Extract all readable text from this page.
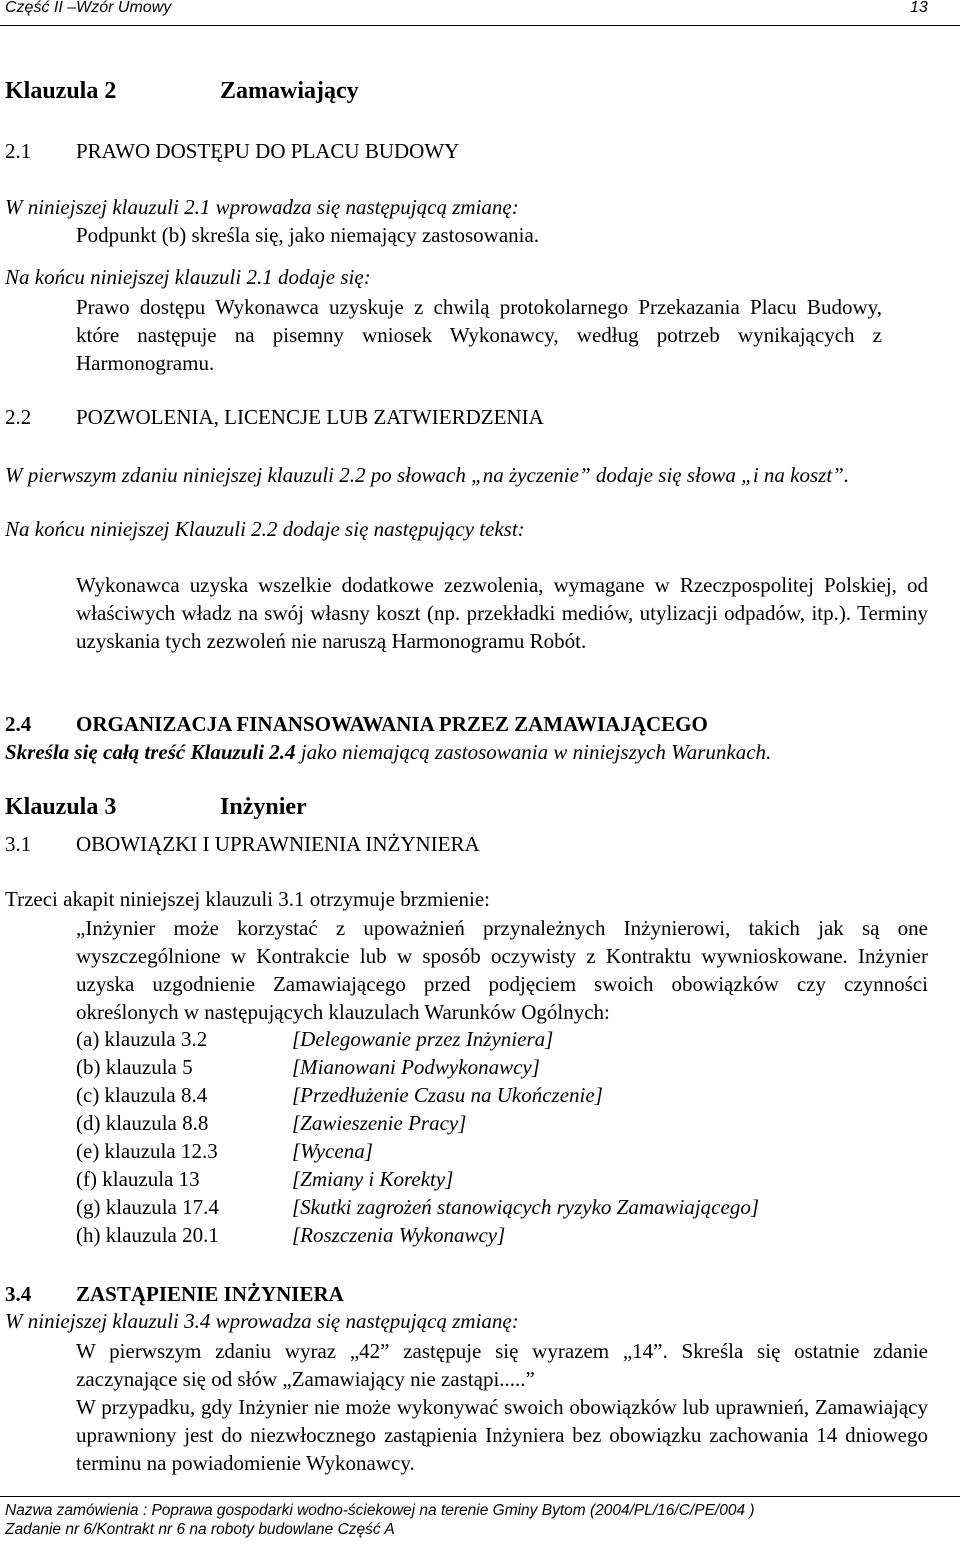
Część II –Wzór Umowy	13
Klauzula 2	Zamawiający
2.1 PRAWO DOSTĘPU DO PLACU BUDOWY
W niniejszej klauzuli 2.1 wprowadza się następującą zmianę:
Podpunkt (b) skreśla się, jako niemający zastosowania.
Na końcu niniejszej klauzuli 2.1 dodaje się:
Prawo dostępu Wykonawca uzyskuje z chwilą protokolarnego Przekazania Placu Budowy, które następuje na pisemny wniosek Wykonawcy, według potrzeb wynikających z Harmonogramu.
2.2 POZWOLENIA, LICENCJE LUB ZATWIERDZENIA
W pierwszym zdaniu niniejszej klauzuli 2.2 po słowach „na życzenie” dodaje się słowa „i na koszt”.
Na końcu niniejszej Klauzuli 2.2 dodaje się następujący tekst:
Wykonawca uzyska wszelkie dodatkowe zezwolenia, wymagane w Rzeczpospolitej Polskiej, od właściwych władz na swój własny koszt (np. przekładki mediów, utylizacji odpadów, itp.). Terminy uzyskania tych zezwoleń nie naruszą Harmonogramu Robót.
2.4 ORGANIZACJA FINANSOWAWANIA PRZEZ ZAMAWIAJĄCEGO
Skreśla się całą treść Klauzuli 2.4 jako niemającą zastosowania w niniejszych Warunkach.
Klauzula 3	Inżynier
3.1 OBOWIĄZKI I UPRAWNIENIA INŻYNIERA
Trzeci akapit niniejszej klauzuli 3.1 otrzymuje brzmienie:
„Inżynier może korzystać z upoważnień przynależnych Inżynierowi, takich jak są one wyszczególnione w Kontrakcie lub w sposób oczywisty z Kontraktu wywnioskowane. Inżynier uzyska uzgodnienie Zamawiającego przed podjęciem swoich obowiązków czy czynności określonych w następujących klauzulach Warunków Ogólnych:
(a) klauzula 3.2	[Delegowanie przez Inżyniera]
(b) klauzula 5	[Mianowani Podwykonawcy]
(c) klauzula 8.4	[Przedłużenie Czasu na Ukończenie]
(d) klauzula 8.8	[Zawieszenie Pracy]
(e) klauzula 12.3	[Wycena]
(f) klauzula 13	[Zmiany i Korekty]
(g) klauzula 17.4	[Skutki zagrożeń stanowiących ryzyko Zamawiającego]
(h) klauzula 20.1	[Roszczenia Wykonawcy]
3.4 ZASTĄPIENIE INŻYNIERA
W niniejszej klauzuli 3.4 wprowadza się następującą zmianę:
W pierwszym zdaniu wyraz „42” zastępuje się wyrazem „14”. Skreśla się ostatnie zdanie zaczynające się od słów „Zamawiający nie zastąpi.....”
W przypadku, gdy Inżynier nie może wykonywać swoich obowiązków lub uprawnień, Zamawiający uprawniony jest do niezwłocznego zastąpienia Inżyniera bez obowiązku zachowania 14 dniowego terminu na powiadomienie Wykonawcy.
Nazwa zamówienia : Poprawa gospodarki wodno-ściekowej na terenie Gminy Bytom (2004/PL/16/C/PE/004 )
Zadanie nr 6/Kontrakt nr 6 na roboty budowlane Część A
